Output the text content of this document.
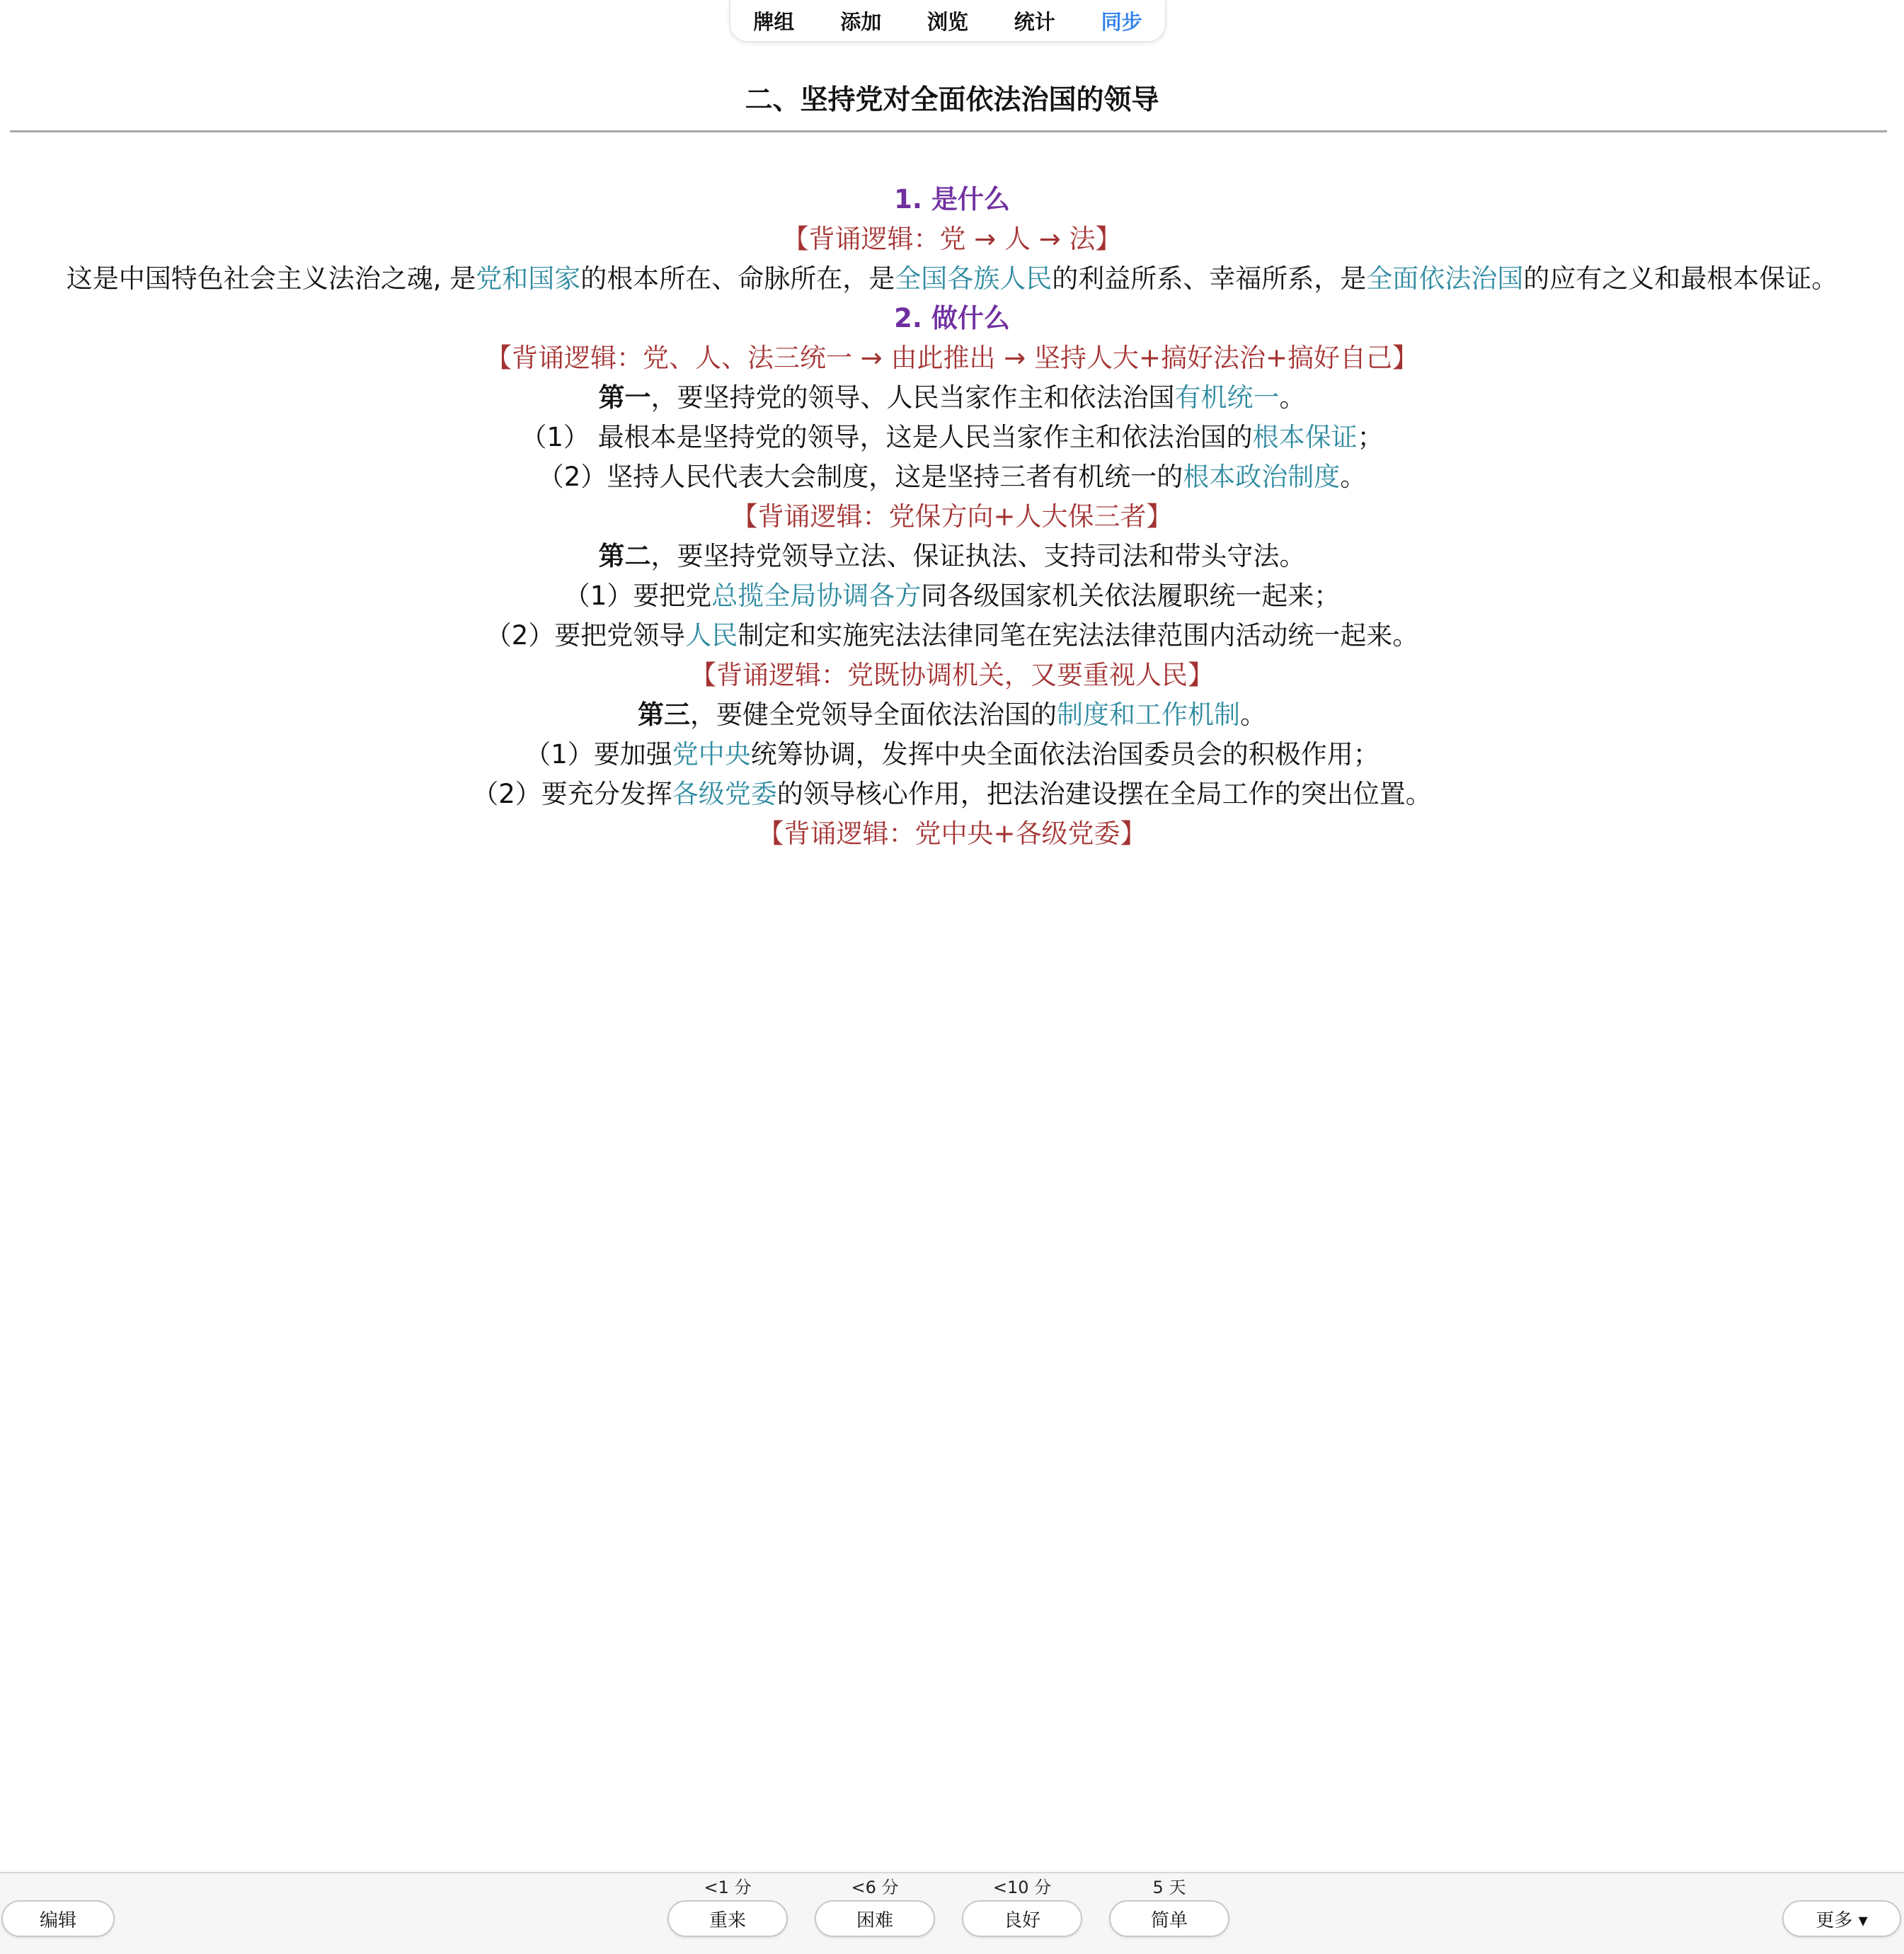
牌组 添加 浏览 统计 同步
二、坚持党对全面依法治国的领导
1. 是什么
【背诵逻辑：党 → 人 → 法】
这是中国特色社会主义法治之魂, 是党和国家的根本所在、命脉所在，是全国各族人民的利益所系、幸福所系，是全面依法治国的应有之义和最根本保证。
2. 做什么
【背诵逻辑：党、人、法三统一 → 由此推出 → 坚持人大+搞好法治+搞好自己】
第一，要坚持党的领导、人民当家作主和依法治国有机统一。
（1） 最根本是坚持党的领导，这是人民当家作主和依法治国的根本保证；
（2）坚持人民代表大会制度，这是坚持三者有机统一的根本政治制度。
【背诵逻辑：党保方向+人大保三者】
第二，要坚持党领导立法、保证执法、支持司法和带头守法。
（1）要把党总揽全局协调各方同各级国家机关依法履职统一起来；
（2）要把党领导人民制定和实施宪法法律同笔在宪法法律范围内活动统一起来。
【背诵逻辑：党既协调机关，又要重视人民】
第三，要健全党领导全面依法治国的制度和工作机制。
（1）要加强党中央统筹协调，发挥中央全面依法治国委员会的积极作用；
（2）要充分发挥各级党委的领导核心作用，把法治建设摆在全局工作的突出位置。
【背诵逻辑：党中央+各级党委】
编辑
<1 分	<6 分	<10 分	5 天
重来	困难	良好	简单	更多 ▾
